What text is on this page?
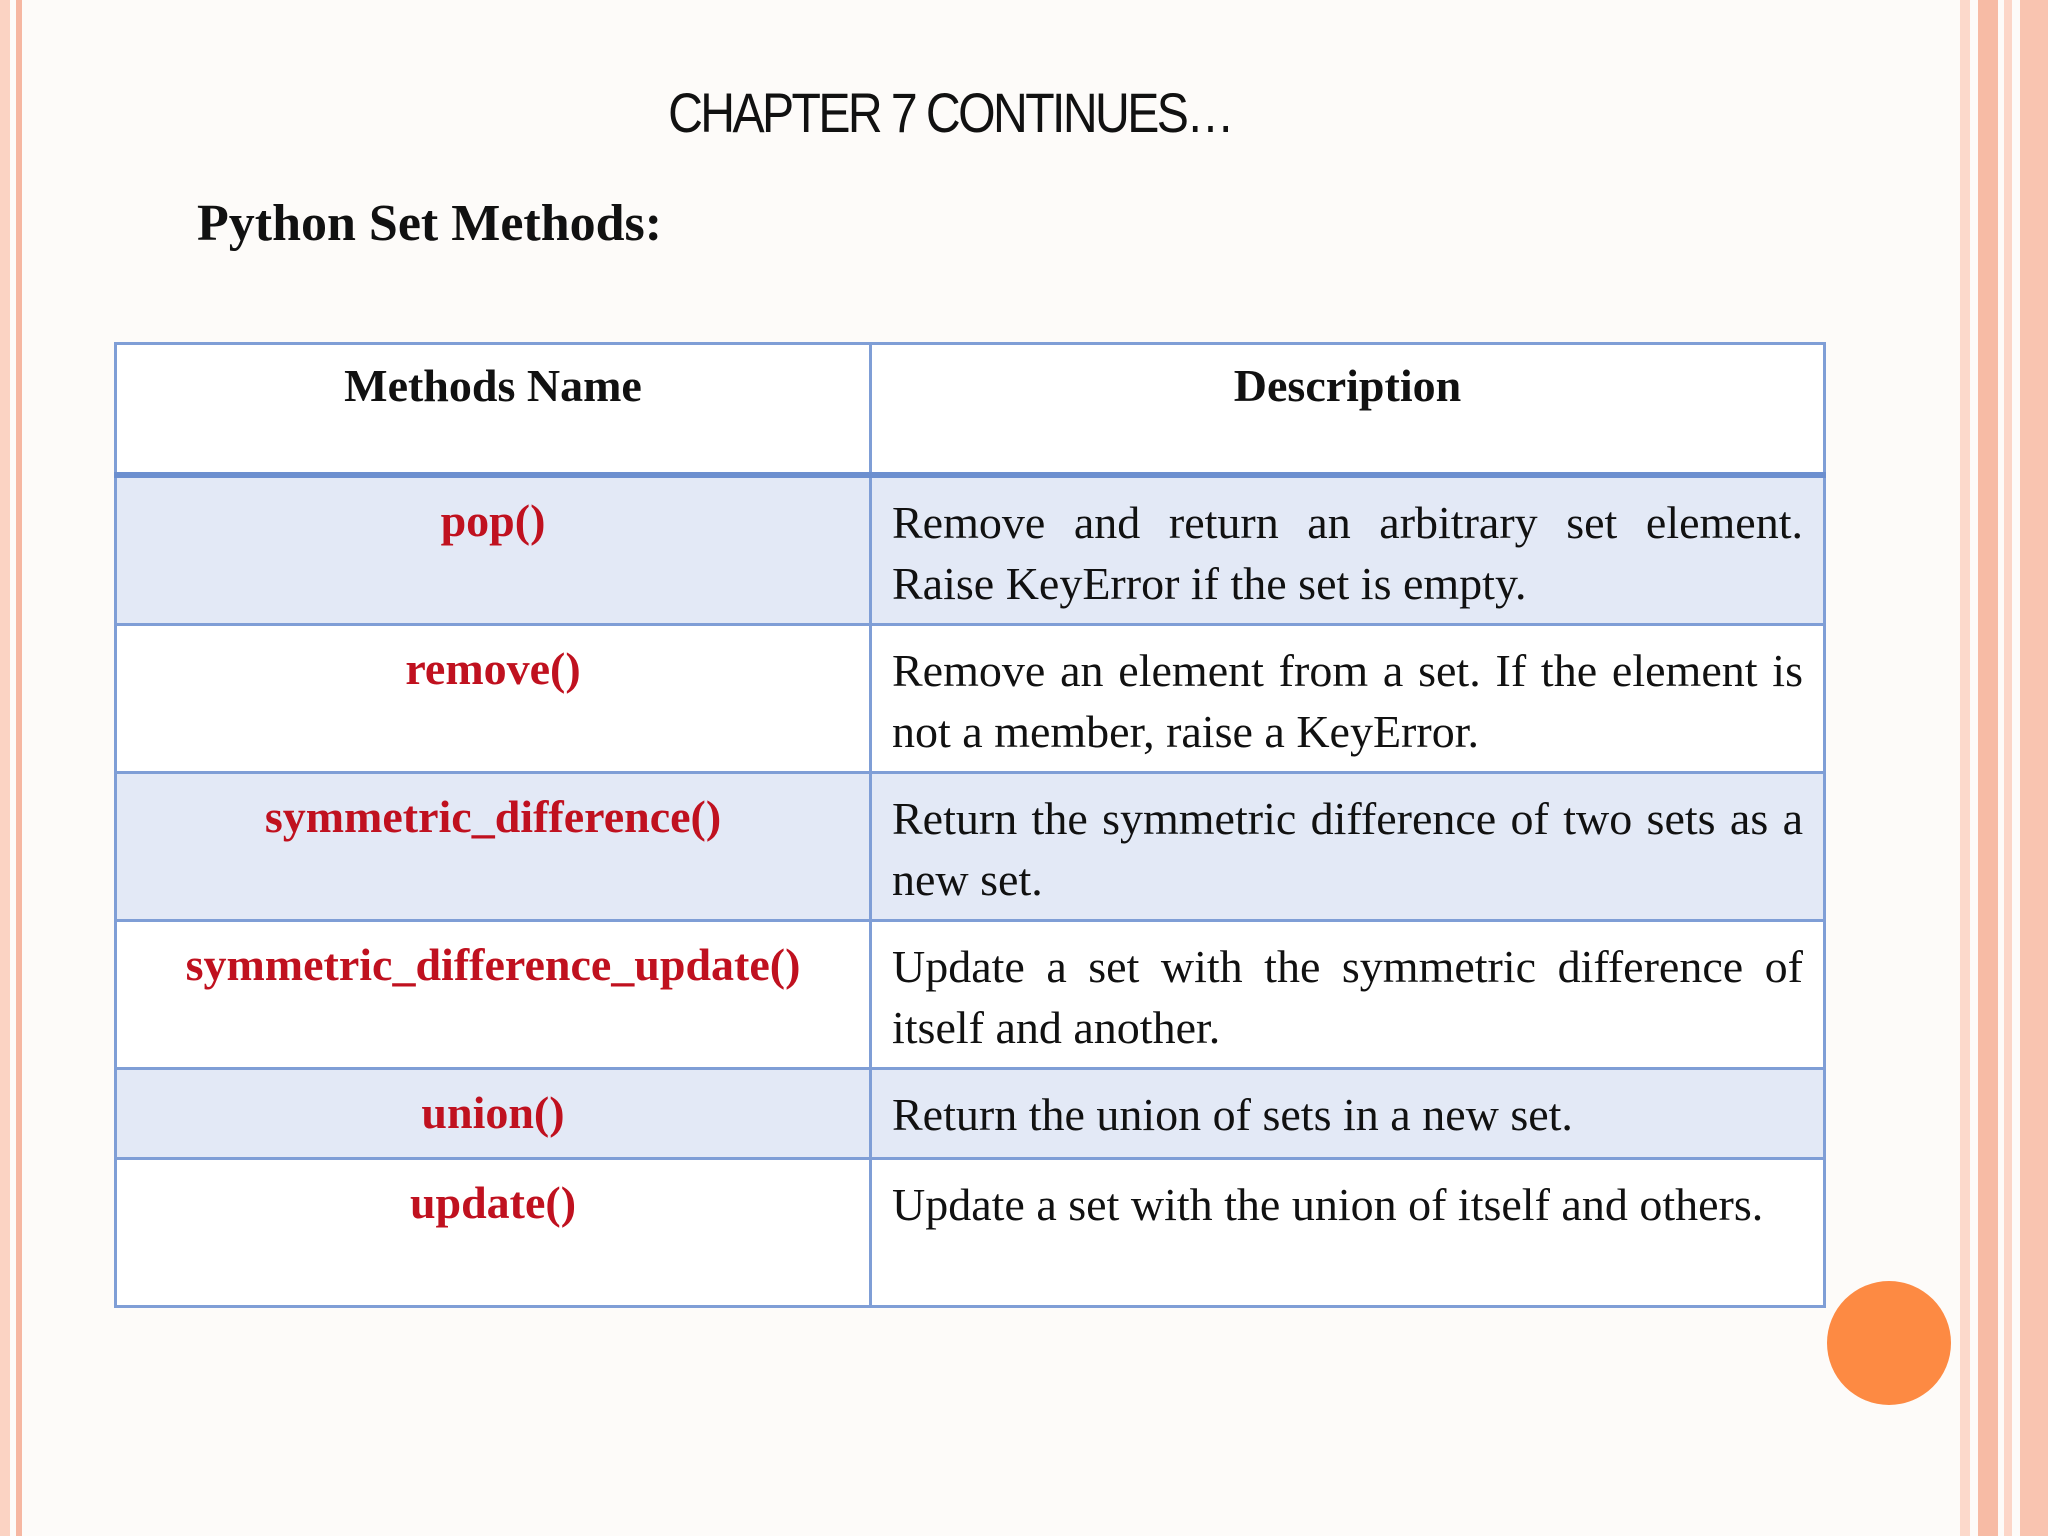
CHAPTER 7 CONTINUES…
Python Set Methods:
Methods Name	Description
pop()	Remove and return an arbitrary set element. Raise KeyError if the set is empty.
remove()	Remove an element from a set. If the element is not a member, raise a KeyError.
symmetric_difference()	Return the symmetric difference of two sets as a new set.
symmetric_difference_update()	Update a set with the symmetric difference of itself and another.
union()	Return the union of sets in a new set.
update()	Update a set with the union of itself and others.
